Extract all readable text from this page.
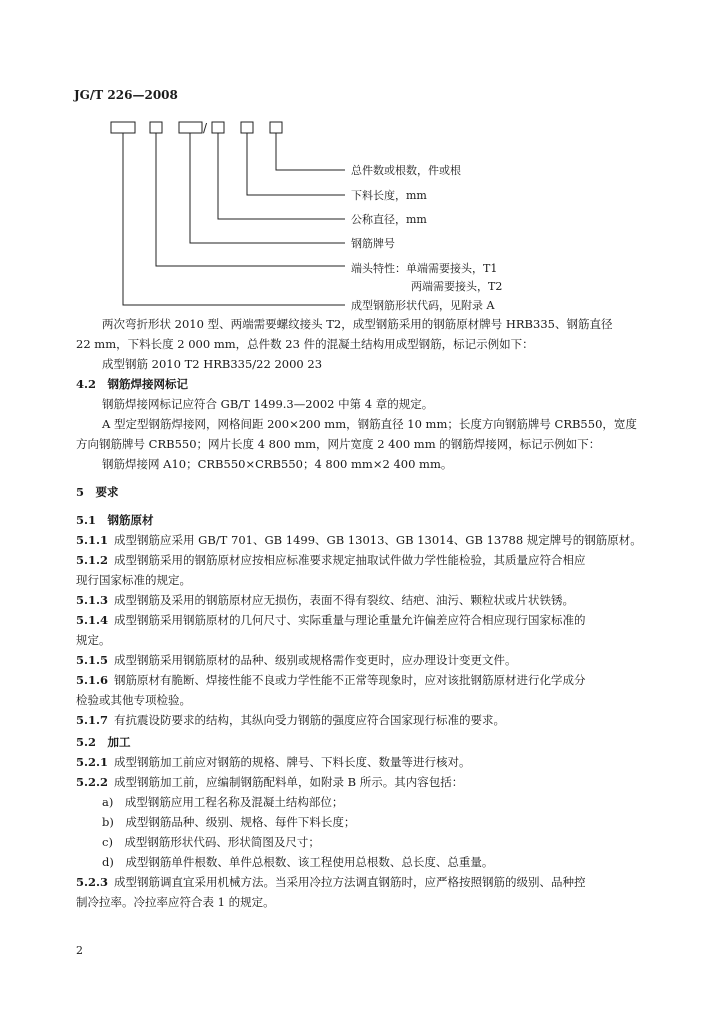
JG/T 226—2008
/
总件数或根数，件或根
下料长度，mm
公称直径，mm
钢筋牌号
端头特性：单端需要接头，T1
两端需要接头，T2
成型钢筋形状代码，见附录 A
两次弯折形状 2010 型、两端需要螺纹接头 T2，成型钢筋采用的钢筋原材牌号 HRB335、钢筋直径
22 mm，下料长度 2 000 mm，总件数 23 件的混凝土结构用成型钢筋，标记示例如下：
成型钢筋 2010 T2 HRB335/22 2000 23
4.2　钢筋焊接网标记
钢筋焊接网标记应符合 GB/T 1499.3—2002 中第 4 章的规定。
A 型定型钢筋焊接网，网格间距 200×200 mm，钢筋直径 10 mm；长度方向钢筋牌号 CRB550，宽度
方向钢筋牌号 CRB550；网片长度 4 800 mm，网片宽度 2 400 mm 的钢筋焊接网，标记示例如下：
钢筋焊接网 A10；CRB550×CRB550；4 800 mm×2 400 mm。
5　要求
5.1　钢筋原材
5.1.1 成型钢筋应采用 GB/T 701、GB 1499、GB 13013、GB 13014、GB 13788 规定牌号的钢筋原材。
5.1.2 成型钢筋采用的钢筋原材应按相应标准要求规定抽取试件做力学性能检验，其质量应符合相应
现行国家标准的规定。
5.1.3 成型钢筋及采用的钢筋原材应无损伤，表面不得有裂纹、结疤、油污、颗粒状或片状铁锈。
5.1.4 成型钢筋采用钢筋原材的几何尺寸、实际重量与理论重量允许偏差应符合相应现行国家标准的
规定。
5.1.5 成型钢筋采用钢筋原材的品种、级别或规格需作变更时，应办理设计变更文件。
5.1.6 钢筋原材有脆断、焊接性能不良或力学性能不正常等现象时，应对该批钢筋原材进行化学成分
检验或其他专项检验。
5.1.7 有抗震设防要求的结构，其纵向受力钢筋的强度应符合国家现行标准的要求。
5.2　加工
5.2.1 成型钢筋加工前应对钢筋的规格、牌号、下料长度、数量等进行核对。
5.2.2 成型钢筋加工前，应编制钢筋配料单，如附录 B 所示。其内容包括：
a)　成型钢筋应用工程名称及混凝土结构部位；
b)　成型钢筋品种、级别、规格、每件下料长度；
c)　成型钢筋形状代码、形状简图及尺寸；
d)　成型钢筋单件根数、单件总根数、该工程使用总根数、总长度、总重量。
5.2.3 成型钢筋调直宜采用机械方法。当采用冷拉方法调直钢筋时，应严格按照钢筋的级别、品种控
制冷拉率。冷拉率应符合表 1 的规定。
2
